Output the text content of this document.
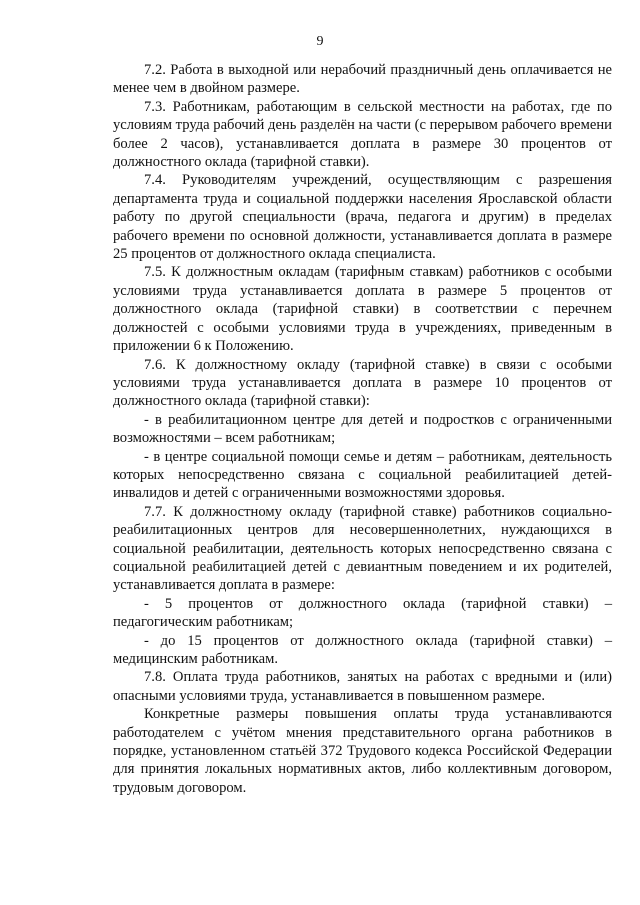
9

7.2. Работа в выходной или нерабочий праздничный день оплачивается не менее чем в двойном размере.

7.3. Работникам, работающим в сельской местности на работах, где по условиям труда рабочий день разделён на части (с перерывом рабочего времени более 2 часов), устанавливается доплата в размере 30 процентов от должностного оклада (тарифной ставки).

7.4. Руководителям учреждений, осуществляющим с разрешения департамента труда и социальной поддержки населения Ярославской области работу по другой специальности (врача, педагога и другим) в пределах рабочего времени по основной должности, устанавливается доплата в размере 25 процентов от должностного оклада специалиста.

7.5. К должностным окладам (тарифным ставкам) работников с особыми условиями труда устанавливается доплата в размере 5 процентов от должностного оклада (тарифной ставки) в соответствии с перечнем должностей с особыми условиями труда в учреждениях, приведенным в приложении 6 к Положению.

7.6. К должностному окладу (тарифной ставке) в связи с особыми условиями труда устанавливается доплата в размере 10 процентов от должностного оклада (тарифной ставки):

- в реабилитационном центре для детей и подростков с ограниченными возможностями – всем работникам;

- в центре социальной помощи семье и детям – работникам, деятельность которых непосредственно связана с социальной реабилитацией детей-инвалидов и детей с ограниченными возможностями здоровья.

7.7. К должностному окладу (тарифной ставке) работников социально-реабилитационных центров для несовершеннолетних, нуждающихся в социальной реабилитации, деятельность которых непосредственно связана с социальной реабилитацией детей с девиантным поведением и их родителей, устанавливается доплата в размере:

- 5 процентов от должностного оклада (тарифной ставки) – педагогическим работникам;

- до 15 процентов от должностного оклада (тарифной ставки) – медицинским работникам.

7.8. Оплата труда работников, занятых на работах с вредными и (или) опасными условиями труда, устанавливается в повышенном размере.

Конкретные размеры повышения оплаты труда устанавливаются работодателем с учётом мнения представительного органа работников в порядке, установленном статьёй 372 Трудового кодекса Российской Федерации для принятия локальных нормативных актов, либо коллективным договором, трудовым договором.
